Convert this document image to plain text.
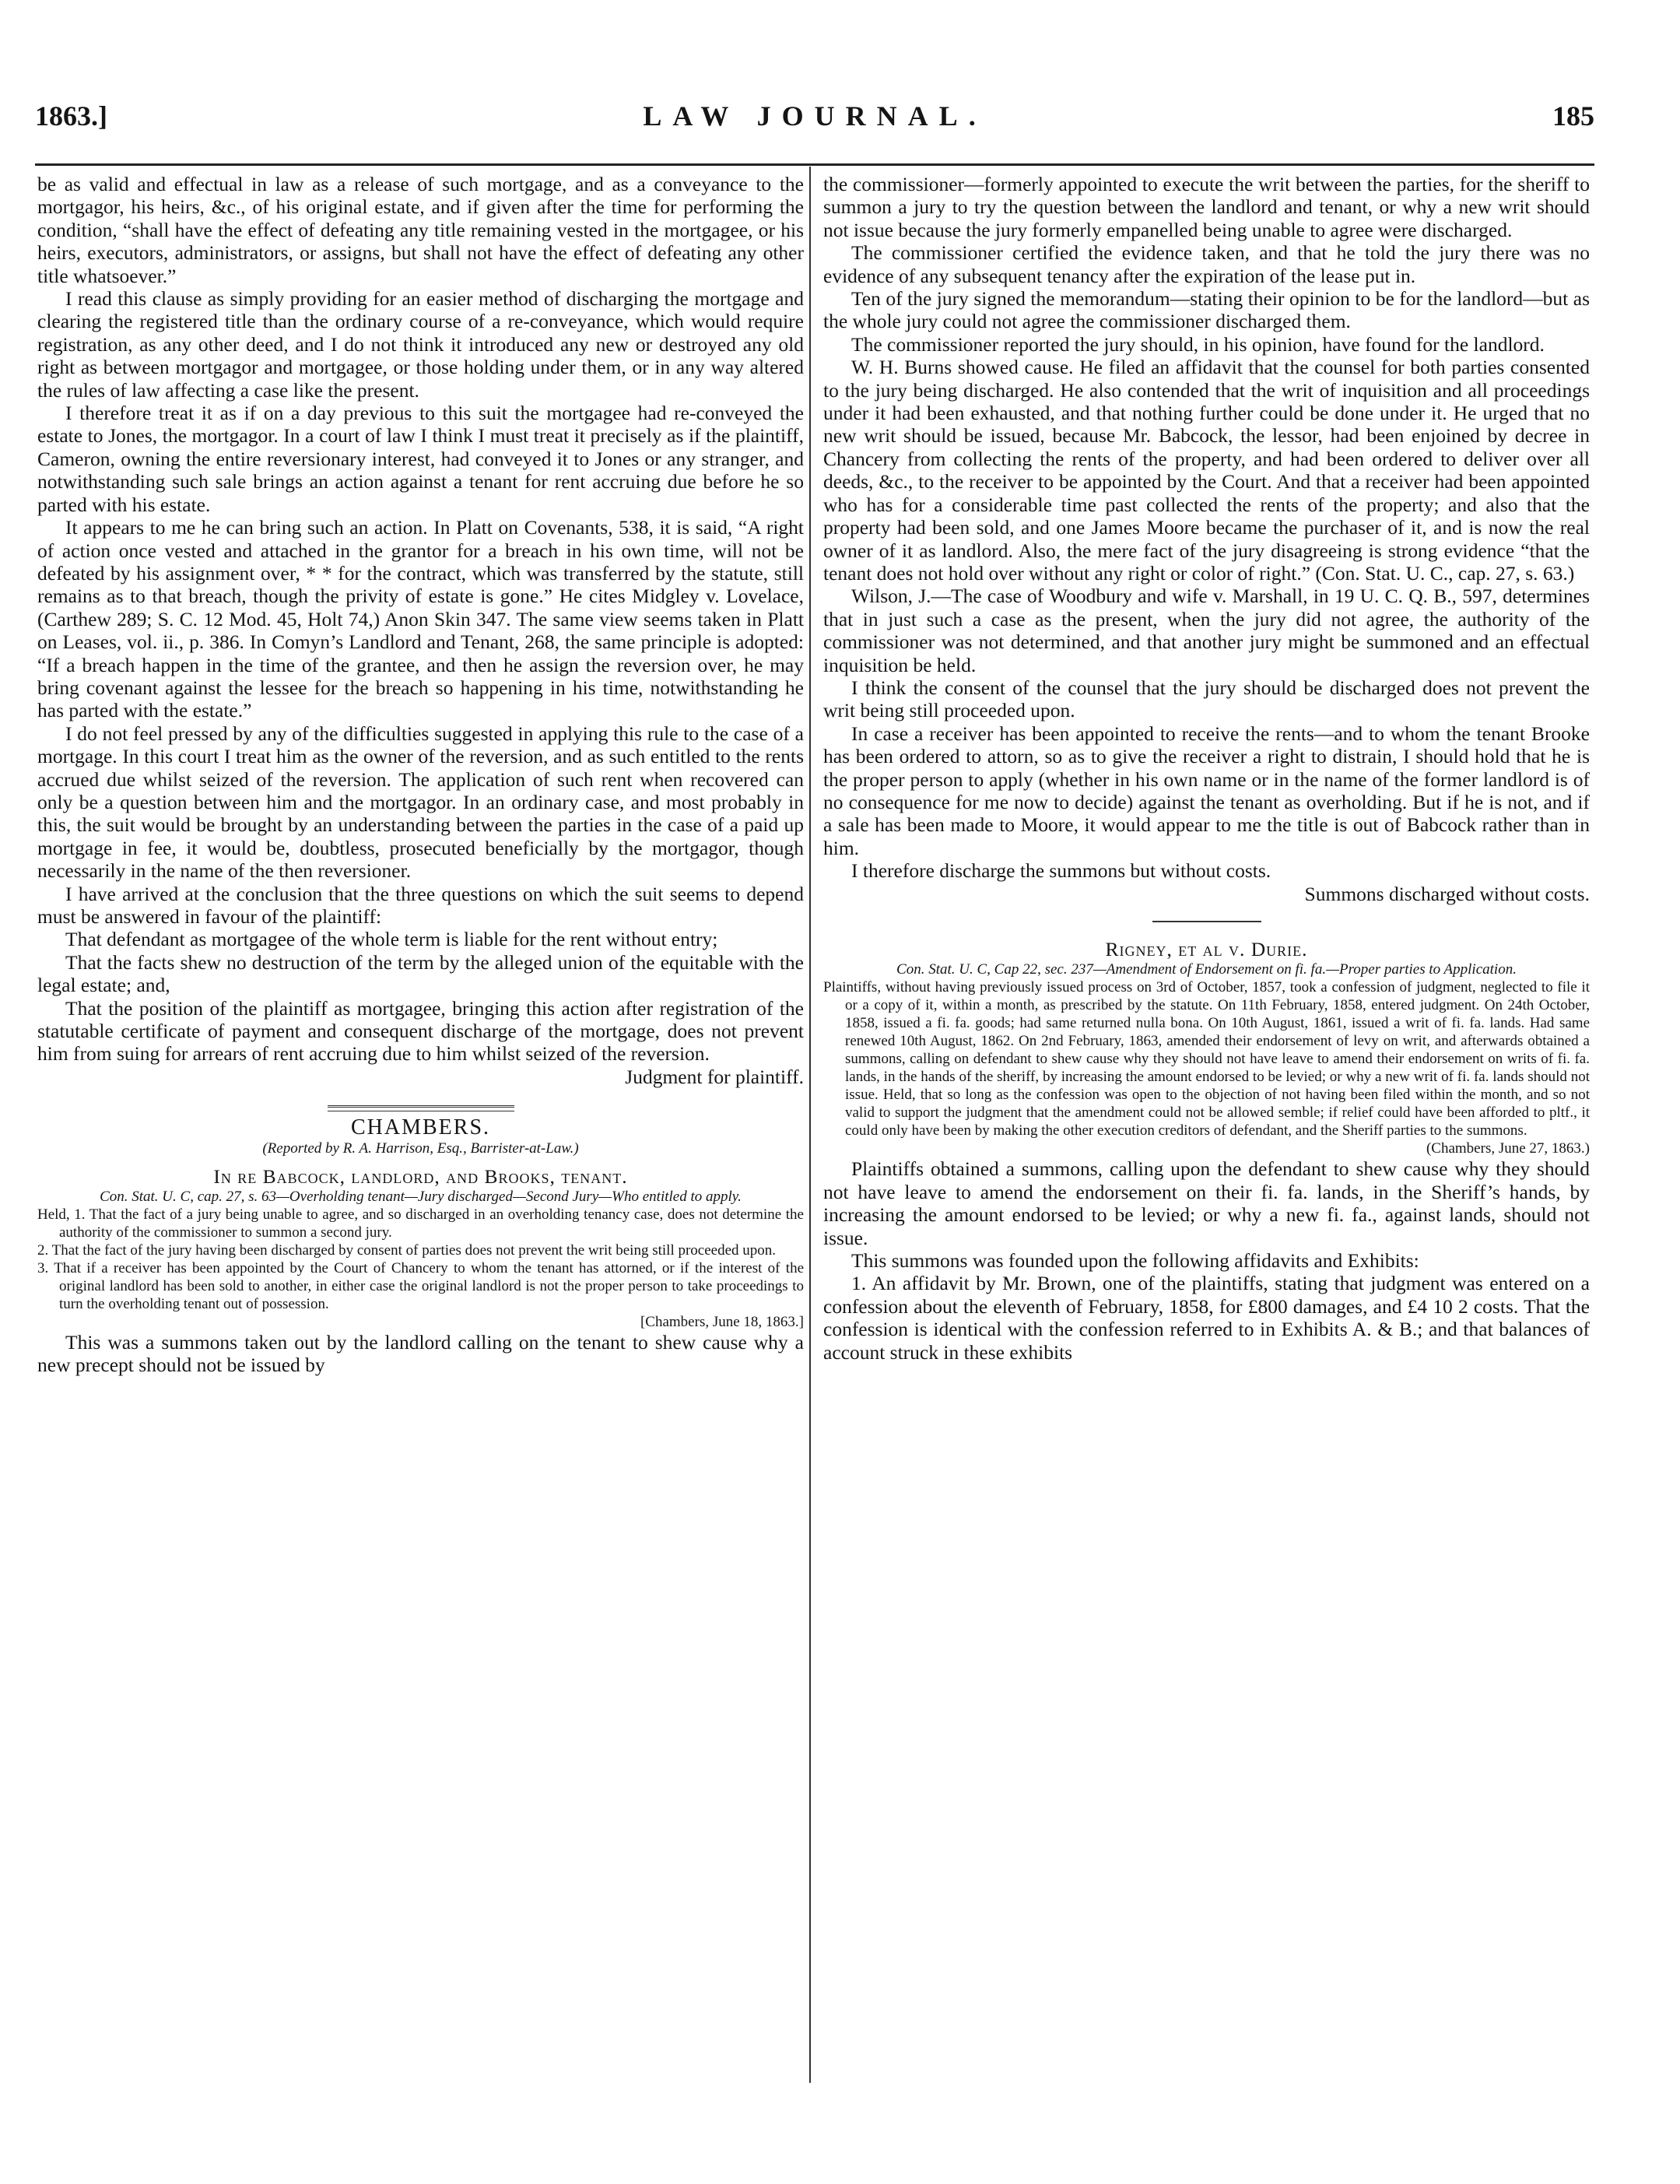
1863.]	LAW JOURNAL.	185

be as valid and effectual in law as a release of such mortgage, and as a conveyance to the mortgagor, his heirs, &c., of his original estate, and if given after the time for performing the condition, “shall have the effect of defeating any title remaining vested in the mortgagee, or his heirs, executors, administrators, or assigns, but shall not have the effect of defeating any other title whatsoever.”

I read this clause as simply providing for an easier method of discharging the mortgage and clearing the registered title than the ordinary course of a re-conveyance, which would require registration, as any other deed, and I do not think it introduced any new or destroyed any old right as between mortgagor and mortgagee, or those holding under them, or in any way altered the rules of law affecting a case like the present.

I therefore treat it as if on a day previous to this suit the mortgagee had re-conveyed the estate to Jones, the mortgagor. In a court of law I think I must treat it precisely as if the plaintiff, Cameron, owning the entire reversionary interest, had conveyed it to Jones or any stranger, and notwithstanding such sale brings an action against a tenant for rent accruing due before he so parted with his estate.

It appears to me he can bring such an action. In Platt on Covenants, 538, it is said, “A right of action once vested and attached in the grantor for a breach in his own time, will not be defeated by his assignment over, * * for the contract, which was transferred by the statute, still remains as to that breach, though the privity of estate is gone.” He cites Midgley v. Lovelace, (Carthew 289; S. C. 12 Mod. 45, Holt 74,) Anon Skin 347. The same view seems taken in Platt on Leases, vol. ii., p. 386. In Comyn’s Landlord and Tenant, 268, the same principle is adopted: “If a breach happen in the time of the grantee, and then he assign the reversion over, he may bring covenant against the lessee for the breach so happening in his time, notwithstanding he has parted with the estate.”

I do not feel pressed by any of the difficulties suggested in applying this rule to the case of a mortgage. In this court I treat him as the owner of the reversion, and as such entitled to the rents accrued due whilst seized of the reversion. The application of such rent when recovered can only be a question between him and the mortgagor. In an ordinary case, and most probably in this, the suit would be brought by an understanding between the parties in the case of a paid up mortgage in fee, it would be, doubtless, prosecuted beneficially by the mortgagor, though necessarily in the name of the then reversioner.

I have arrived at the conclusion that the three questions on which the suit seems to depend must be answered in favour of the plaintiff:

That defendant as mortgagee of the whole term is liable for the rent without entry;

That the facts shew no destruction of the term by the alleged union of the equitable with the legal estate; and,

That the position of the plaintiff as mortgagee, bringing this action after registration of the statutable certificate of payment and consequent discharge of the mortgage, does not prevent him from suing for arrears of rent accruing due to him whilst seized of the reversion.

Judgment for plaintiff.

CHAMBERS.

(Reported by R. A. Harrison, Esq., Barrister-at-Law.)

In re Babcock, landlord, and Brooks, tenant.

Con. Stat. U. C, cap. 27, s. 63—Overholding tenant—Jury discharged—Second Jury—Who entitled to apply.

Held, 1. That the fact of a jury being unable to agree, and so discharged in an overholding tenancy case, does not determine the authority of the commissioner to summon a second jury.

2. That the fact of the jury having been discharged by consent of parties does not prevent the writ being still proceeded upon.

3. That if a receiver has been appointed by the Court of Chancery to whom the tenant has attorned, or if the interest of the original landlord has been sold to another, in either case the original landlord is not the proper person to take proceedings to turn the overholding tenant out of possession.

[Chambers, June 18, 1863.]

This was a summons taken out by the landlord calling on the tenant to shew cause why a new precept should not be issued by

the commissioner—formerly appointed to execute the writ between the parties, for the sheriff to summon a jury to try the question between the landlord and tenant, or why a new writ should not issue because the jury formerly empanelled being unable to agree were discharged.

The commissioner certified the evidence taken, and that he told the jury there was no evidence of any subsequent tenancy after the expiration of the lease put in.

Ten of the jury signed the memorandum—stating their opinion to be for the landlord—but as the whole jury could not agree the commissioner discharged them.

The commissioner reported the jury should, in his opinion, have found for the landlord.

W. H. Burns showed cause. He filed an affidavit that the counsel for both parties consented to the jury being discharged. He also contended that the writ of inquisition and all proceedings under it had been exhausted, and that nothing further could be done under it. He urged that no new writ should be issued, because Mr. Babcock, the lessor, had been enjoined by decree in Chancery from collecting the rents of the property, and had been ordered to deliver over all deeds, &c., to the receiver to be appointed by the Court. And that a receiver had been appointed who has for a considerable time past collected the rents of the property; and also that the property had been sold, and one James Moore became the purchaser of it, and is now the real owner of it as landlord. Also, the mere fact of the jury disagreeing is strong evidence “that the tenant does not hold over without any right or color of right.” (Con. Stat. U. C., cap. 27, s. 63.)

Wilson, J.—The case of Woodbury and wife v. Marshall, in 19 U. C. Q. B., 597, determines that in just such a case as the present, when the jury did not agree, the authority of the commissioner was not determined, and that another jury might be summoned and an effectual inquisition be held.

I think the consent of the counsel that the jury should be discharged does not prevent the writ being still proceeded upon.

In case a receiver has been appointed to receive the rents—and to whom the tenant Brooke has been ordered to attorn, so as to give the receiver a right to distrain, I should hold that he is the proper person to apply (whether in his own name or in the name of the former landlord is of no consequence for me now to decide) against the tenant as overholding. But if he is not, and if a sale has been made to Moore, it would appear to me the title is out of Babcock rather than in him.

I therefore discharge the summons but without costs.

Summons discharged without costs.

Rigney, et al v. Durie.

Con. Stat. U. C, Cap 22, sec. 237—Amendment of Endorsement on fi. fa.—Proper parties to Application.

Plaintiffs, without having previously issued process on 3rd of October, 1857, took a confession of judgment, neglected to file it or a copy of it, within a month, as prescribed by the statute. On 11th February, 1858, entered judgment. On 24th October, 1858, issued a fi. fa. goods; had same returned nulla bona. On 10th August, 1861, issued a writ of fi. fa. lands. Had same renewed 10th August, 1862. On 2nd February, 1863, amended their endorsement of levy on writ, and afterwards obtained a summons, calling on defendant to shew cause why they should not have leave to amend their endorsement on writs of fi. fa. lands, in the hands of the sheriff, by increasing the amount endorsed to be levied; or why a new writ of fi. fa. lands should not issue. Held, that so long as the confession was open to the objection of not having been filed within the month, and so not valid to support the judgment that the amendment could not be allowed semble; if relief could have been afforded to pltf., it could only have been by making the other execution creditors of defendant, and the Sheriff parties to the summons.

(Chambers, June 27, 1863.)

Plaintiffs obtained a summons, calling upon the defendant to shew cause why they should not have leave to amend the endorsement on their fi. fa. lands, in the Sheriff’s hands, by increasing the amount endorsed to be levied; or why a new fi. fa., against lands, should not issue.

This summons was founded upon the following affidavits and Exhibits:

1. An affidavit by Mr. Brown, one of the plaintiffs, stating that judgment was entered on a confession about the eleventh of February, 1858, for £800 damages, and £4 10 2 costs. That the confession is identical with the confession referred to in Exhibits A. & B.; and that balances of account struck in these exhibits
